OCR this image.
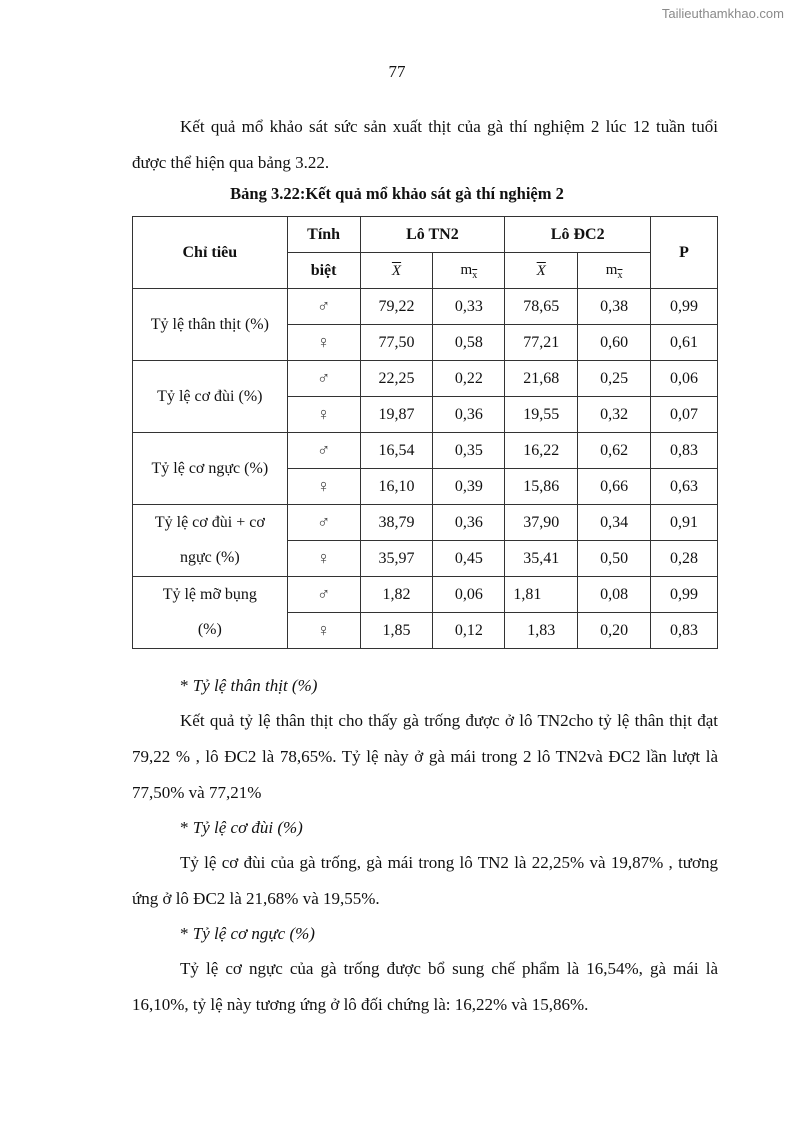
Tailieuthamkhao.com
77
Kết quả mổ khảo sát sức sản xuất thịt của gà thí nghiệm 2 lúc 12 tuần tuổi được thể hiện qua bảng 3.22.
Bảng 3.22:Kết quả mổ khảo sát gà thí nghiệm 2
Chỉ tiêu	Tính	Lô TN2		Lô ĐC2		P
	biệt	$\overline{X}$	$m_{\overline{x}}$	$\overline{X}$	$m_{\overline{x}}$
Tỷ lệ thân thịt (%)	♂	79,22	0,33	78,65	0,38	0,99
	♀	77,50	0,58	77,21	0,60	0,61
Tỷ lệ cơ đùi (%)	♂	22,25	0,22	21,68	0,25	0,06
	♀	19,87	0,36	19,55	0,32	0,07
Tỷ lệ cơ ngực (%)	♂	16,54	0,35	16,22	0,62	0,83
	♀	16,10	0,39	15,86	0,66	0,63
Tỷ lệ cơ đùi + cơ	♂	38,79	0,36	37,90	0,34	0,91
ngực (%)	♀	35,97	0,45	35,41	0,50	0,28
Tỷ lệ mỡ bụng	♂	1,82	0,06	1,81	0,08	0,99
(%)	♀	1,85	0,12	1,83	0,20	0,83
* Tỷ lệ thân thịt (%)
Kết quả tỷ lệ thân thịt cho thấy gà trống được ở lô TN2cho tỷ lệ thân thịt đạt 79,22 % , lô ĐC2 là 78,65%. Tỷ lệ này ở gà mái trong 2 lô TN2và ĐC2 lần lượt là 77,50% và 77,21%
* Tỷ lệ cơ đùi (%)
Tỷ lệ cơ đùi của gà trống, gà mái trong lô TN2 là 22,25% và 19,87% , tương ứng ở lô ĐC2 là 21,68% và 19,55%.
* Tỷ lệ cơ ngực (%)
Tỷ lệ cơ ngực của gà trống được bổ sung chế phẩm là 16,54%, gà mái là 16,10%, tỷ lệ này tương ứng ở lô đối chứng là: 16,22% và 15,86%.
